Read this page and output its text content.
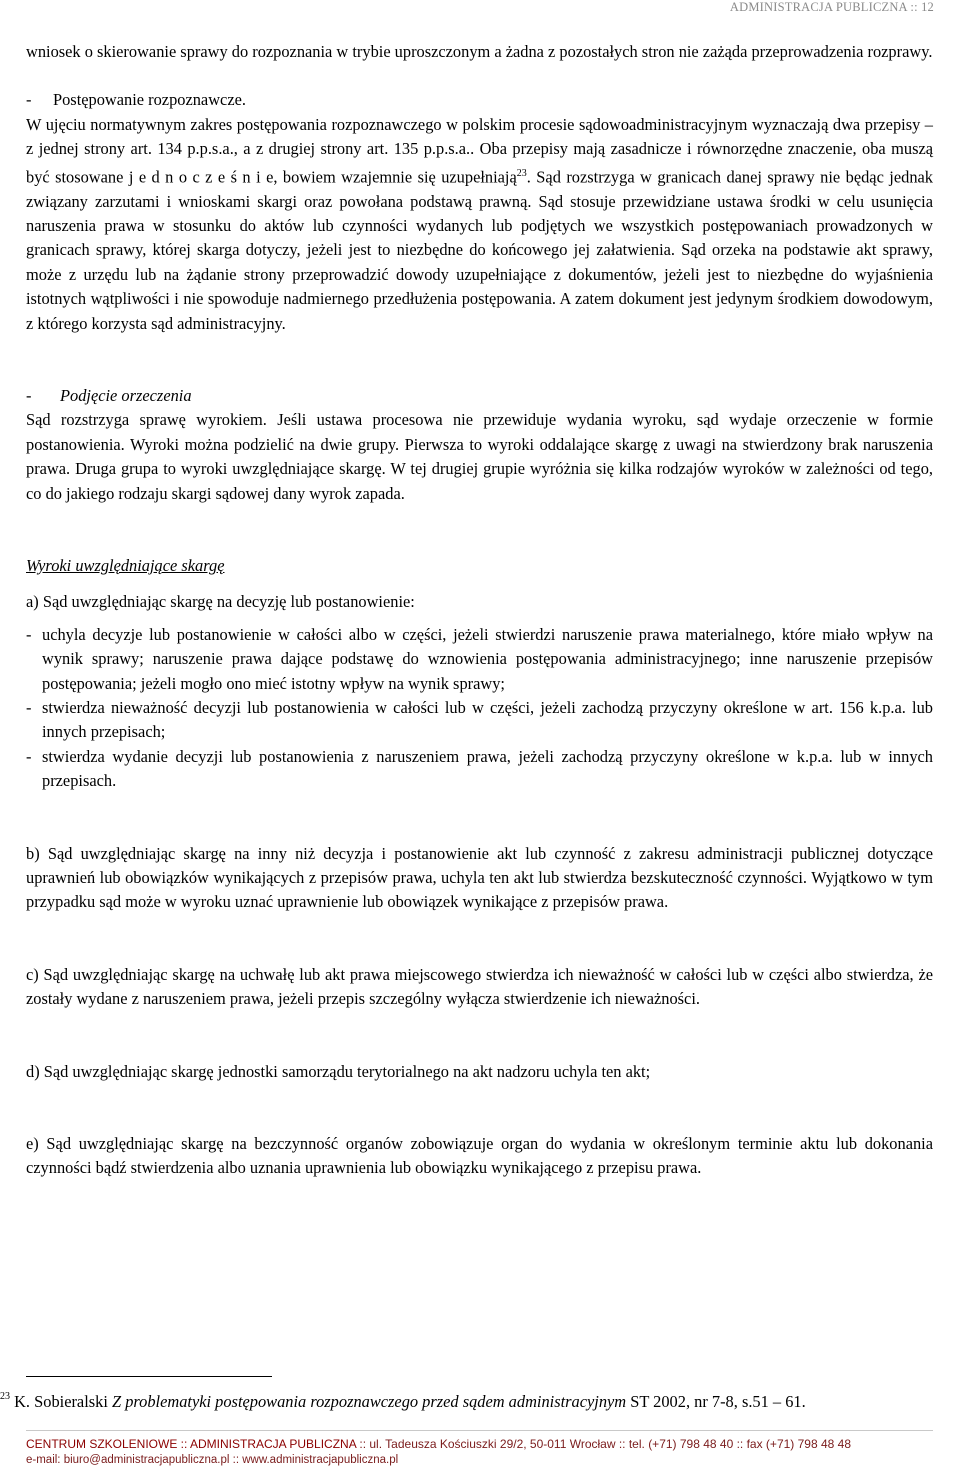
ADMINISTRACJA PUBLICZNA :: 12

wniosek o skierowanie sprawy do rozpoznania w trybie uproszczonym a żadna z pozostałych stron nie zażąda przeprowadzenia rozprawy.

-	Postępowanie rozpoznawcze.

W ujęciu normatywnym zakres postępowania rozpoznawczego w polskim procesie sądowoadministracyjnym wyznaczają dwa przepisy – z jednej strony art. 134 p.p.s.a., a z drugiej strony art. 135 p.p.s.a.. Oba przepisy mają zasadnicze i równorzędne znaczenie, oba muszą być stosowane j e d n o c z e ś n i e, bowiem wzajemnie się uzupełniają$^{23}$. Sąd rozstrzyga w granicach danej sprawy nie będąc jednak związany zarzutami i wnioskami skargi oraz powołana podstawą prawną. Sąd stosuje przewidziane ustawa środki w celu usunięcia naruszenia prawa w stosunku do aktów lub czynności wydanych lub podjętych we wszystkich postępowaniach prowadzonych w granicach sprawy, której skarga dotyczy, jeżeli jest to niezbędne do końcowego jej załatwienia. Sąd orzeka na podstawie akt sprawy, może z urzędu lub na żądanie strony przeprowadzić dowody uzupełniające z dokumentów, jeżeli jest to niezbędne do wyjaśnienia istotnych wątpliwości i nie spowoduje nadmiernego przedłużenia postępowania. A zatem dokument jest jedynym środkiem dowodowym, z którego korzysta sąd administracyjny.

-	Podjęcie orzeczenia

Sąd rozstrzyga sprawę wyrokiem. Jeśli ustawa procesowa nie przewiduje wydania wyroku, sąd wydaje orzeczenie w formie postanowienia. Wyroki można podzielić na dwie grupy. Pierwsza to wyroki oddalające skargę z uwagi na stwierdzony brak naruszenia prawa. Druga grupa to wyroki uwzględniające skargę. W tej drugiej grupie wyróżnia się kilka rodzajów wyroków w zależności od tego, co do jakiego rodzaju skargi sądowej dany wyrok zapada.

Wyroki uwzględniające skargę

a) Sąd uwzględniając skargę na decyzję lub postanowienie:

- uchyla decyzje lub postanowienie w całości albo w części, jeżeli stwierdzi naruszenie prawa materialnego, które miało wpływ na wynik sprawy; naruszenie prawa dające podstawę do wznowienia postępowania administracyjnego; inne naruszenie przepisów postępowania; jeżeli mogło ono mieć istotny wpływ na wynik sprawy;
- stwierdza nieważność decyzji lub postanowienia w całości lub w części, jeżeli zachodzą przyczyny określone w art. 156 k.p.a. lub innych przepisach;
- stwierdza wydanie decyzji lub postanowienia z naruszeniem prawa, jeżeli zachodzą przyczyny określone w k.p.a. lub w innych przepisach.

b) Sąd uwzględniając skargę na inny niż decyzja i postanowienie akt lub czynność z zakresu administracji publicznej dotyczące uprawnień lub obowiązków wynikających z przepisów prawa, uchyla ten akt lub stwierdza bezskuteczność czynności. Wyjątkowo w tym przypadku sąd może w wyroku uznać uprawnienie lub obowiązek wynikające z przepisów prawa.

c) Sąd uwzględniając skargę na uchwałę lub akt prawa miejscowego stwierdza ich nieważność w całości lub w części albo stwierdza, że zostały wydane z naruszeniem prawa, jeżeli przepis szczególny wyłącza stwierdzenie ich nieważności.

d) Sąd uwzględniając skargę jednostki samorządu terytorialnego na akt nadzoru uchyla ten akt;

e) Sąd uwzględniając skargę na bezczynność organów zobowiązuje organ do wydania w określonym terminie aktu lub dokonania czynności bądź stwierdzenia albo uznania uprawnienia lub obowiązku wynikającego z przepisu prawa.

$^{23}$ K. Sobieralski Z problematyki postępowania rozpoznawczego przed sądem administracyjnym ST 2002, nr 7-8, s.51 – 61.
CENTRUM SZKOLENIOWE :: ADMINISTRACJA PUBLICZNA :: ul. Tadeusza Kościuszki 29/2, 50-011 Wrocław :: tel. (+71) 798 48 40 :: fax (+71) 798 48 48
e-mail: biuro@administracjapubliczna.pl :: www.administracjapubliczna.pl
